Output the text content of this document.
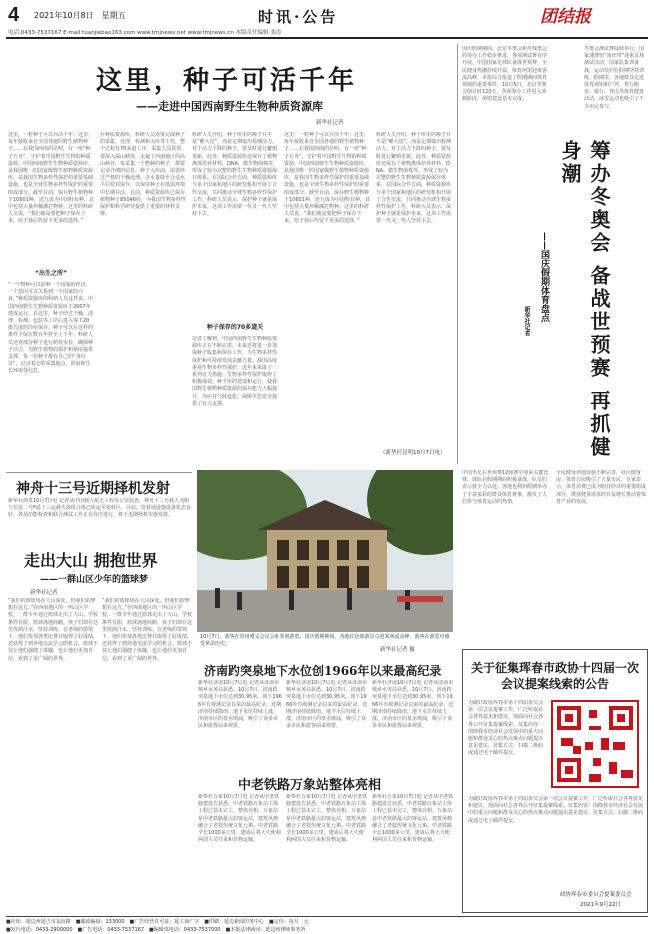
4 2021年10月8日　星期五	时讯·公告	团结报
电话:0433-7537167 E-mail:tuanjiebao163.com www.tmjnews.net www.tmjnews.cn 本版责任编辑 张涛
这里，种子可活千年
——走进中国西南野生生物种质资源库
新华社记者
这里，一粒种子可以存活千年；这里，每年接收来自全国各地的野生植物种子……在我国西南的昆明，有一座“种子方舟”，守护着中国野生生物的种质资源。中国西南野生生物种质资源库，是我国唯一的国家级野生植物种质资源库，是我国生物多样性保护的重要基础设施，也是全球生物多样性保护的重要组成部分。截至目前，保存野生植物种子10601种，近九成为中国特有种，其中包括大量珍稀濒危物种。这里的科研人员说，“我们就是要把种子保存下来，给子孙后代留下更多的选择。”
“出生之所”
“一个物种可以影响一个国家的经济，一个基因可以关系到一个国家的兴衰。”种质资源库的科研人员这样说。中国西南野生生物种质资源库于2007年建成运行，在这里，种子经过干燥、清理、检测、包装等工序后进入零下20摄氏度的冷库保存。种子可以在这样的条件下保存数百年甚至上千年。科研人员还对部分种子进行萌发实验，确保种子活力，为野生植物的保护和利用提供支撑。每一份种子都有自己的“身份证”，记录着它的采集地点、时间和生长环境等信息。
在种质资源库，科研人员需要完成种子的采集、处理、检测和入库等工作，整个过程有70多道工序。采集人员常常要深入深山峡谷，走遍了西南地区的高山峡谷，每采集一个物种的种子，都要记录详细的信息。种子入库前，需要经过严格的干燥处理，含水量降至合适水平后密封保存，以保证种子在低温环境中长期存活。目前，种质资源库已保存植物种子85046份，为我国生物多样性保护和科学研究提供了重要的材料支撑。
科研人员介绍，种子库里的种子并不是“睡大觉”，而是定期取出检测活力。对于活力下降的种子，要及时进行繁殖更新。此外，种质资源库还保存了植物离体培养材料、DNA、微生物菌株等，形成了较为完整的野生生物种质资源保存体系。在国际合作方面，种质资源库与多个国家和地区的研究机构开展了合作交流，共同推动全球生物多样性保护工作。科研人员表示，保护种子就是保护未来，这项工作需要一代又一代人坚持下去。
种子保存的70多道关
记者了解到，中国西南野生生物种质资源库正在不断完善，未来还将进一步加强种子收集和保存工作，为生物多样性保护和可持续发展贡献力量。我国高度重视生物多样性保护，近年来采取了一系列有力措施，生物多样性保护取得了积极成效。种子库的建设和运行，使我国野生植物种质资源的保存能力大幅提升，为应对气候变化、保障生态安全提供了有力支撑。
这里，一粒种子可以存活千年；这里，每年接收来自全国各地的野生植物种子……在我国西南的昆明，有一座“种子方舟”，守护着中国野生生物的种质资源。中国西南野生生物种质资源库，是我国唯一的国家级野生植物种质资源库，是我国生物多样性保护的重要基础设施，也是全球生物多样性保护的重要组成部分。截至目前，保存野生植物种子10601种，近九成为中国特有种，其中包括大量珍稀濒危物种。这里的科研人员说，“我们就是要把种子保存下来，给子孙后代留下更多的选择。”
科研人员介绍，种子库里的种子并不是“睡大觉”，而是定期取出检测活力。对于活力下降的种子，要及时进行繁殖更新。此外，种质资源库还保存了植物离体培养材料、DNA、微生物菌株等，形成了较为完整的野生生物种质资源保存体系。在国际合作方面，种质资源库与多个国家和地区的研究机构开展了合作交流，共同推动全球生物多样性保护工作。科研人员表示，保护种子就是保护未来，这项工作需要一代又一代人坚持下去。
（新华社昆明10月7日电）
国庆假期期间，北京冬奥会和冬残奥会的筹办工作稳步推进，各项测试赛有序开展。中国国家足球队备战世预赛，全民健身热潮持续升温，体育场馆迎来客流高峰。本报综合报道了假期期间体育领域的重要事件。10月5日，北京冬奥会倒计时120天，各项筹办工作进入冲刺阶段，场馆建设基本完成。
筹办冬奥会 备战世预赛 再抓健身潮
——国庆假期体育盘点
新华社记者
冬奥会测试赛陆续举行，国家速滑馆“冰丝带”迎来首场测试活动。国家队集训备战，运动员们在假期坚持训练。假期里，各地群众走进体育场馆和户外，参与跑步、骑行、登山等体育健身活动，冰雪运动也吸引了不少市民参与。
中国男足在世预赛12强赛中迎来关键比赛，球队在假期期间积极备战，队员们表示将全力以赴。各地也利用假期举办了丰富多彩的群众体育赛事，激发了人们参与体育运动的热情。
全民健身场地设施不断完善，社区健身房、体育公园吸引了大量市民。专家表示，体育消费已成为假日经济的重要组成部分，群众健身需求的日益增长推动着体育产业的发展。
神舟十三号近期择机发射
新华社酒泉10月7日电 记者从中国载人航天工程办公室获悉，神舟十三号载人飞船与长征二号F遥十三运载火箭组合体已转运至发射区。目前，发射场设施设备状态良好，各项功能检查和联合测试工作正在有序进行，将于近期择机实施发射。
走出大山 拥抱世界
——一群山区少年的篮球梦
新华社记者
“我们的篮球场在大山深处，但我们的梦想在远方。”在西南地区的一所山区学校，一群少年通过篮球走出了大山。学校条件有限，篮球场地简陋，孩子们却在这里挥洒汗水，坚持训练。在老师的带领下，他们参加各类比赛并取得了好成绩，还获得了到外地交流学习的机会。篮球不仅让他们强健了体魄，也让他们更加自信，看到了更广阔的世界。
“我们的篮球场在大山深处，但我们的梦想在远方。”在西南地区的一所山区学校，一群少年通过篮球走出了大山。学校条件有限，篮球场地简陋，孩子们却在这里挥洒汗水，坚持训练。在老师的带领下，他们参加各类比赛并取得了好成绩，还获得了到外地交流学习的机会。篮球不仅让他们强健了体魄，也让他们更加自信，看到了更广阔的世界。
10月7日，游客在贵州遵义会议会址参观游览。国庆假期期间，各地红色旅游景点迎来客流高峰，游客在游览中感受革命历史。
新华社记者 摄
济南趵突泉地下水位创1966年以来最高纪录
新华社济南10月7日电 记者从济南市城乡水务局获悉，10月7日，济南趵突泉地下水位达到30.95米，创下1966年有观测记录以来的最高纪录。近期济南持续降雨，地下水位持续上涨，济南市区的泉水喷涌，吸引了众多市民和游客前来观赏。
新华社济南10月7日电 记者从济南市城乡水务局获悉，10月7日，济南趵突泉地下水位达到30.95米，创下1966年有观测记录以来的最高纪录。近期济南持续降雨，地下水位持续上涨，济南市区的泉水喷涌，吸引了众多市民和游客前来观赏。
新华社济南10月7日电 记者从济南市城乡水务局获悉，10月7日，济南趵突泉地下水位达到30.95米，创下1966年有观测记录以来的最高纪录。近期济南持续降雨，地下水位持续上涨，济南市区的泉水喷涌，吸引了众多市民和游客前来观赏。
中老铁路万象站整体亮相
新华社万象10月7日电 记者从中老铁路建设方获悉，中老铁路万象站主体工程已基本完工，整体亮相。万象站是中老铁路最大的客运站，建筑风格融合了老挝传统文化元素。中老铁路全长1000多公里，建成后将大大便利两国人员往来和货物运输。
新华社万象10月7日电 记者从中老铁路建设方获悉，中老铁路万象站主体工程已基本完工，整体亮相。万象站是中老铁路最大的客运站，建筑风格融合了老挝传统文化元素。中老铁路全长1000多公里，建成后将大大便利两国人员往来和货物运输。
新华社万象10月7日电 记者从中老铁路建设方获悉，中老铁路万象站主体工程已基本完工，整体亮相。万象站是中老铁路最大的客运站，建筑风格融合了老挝传统文化元素。中老铁路全长1000多公里，建成后将大大便利两国人员往来和货物运输。
关于征集珲春市政协十四届一次会议提案线索的公告
为做好政协珲春市第十四届委员会第一次会议提案工作，广泛听取社会各界意见和建议，现面向社会各界公开征集提案线索。征集内容：围绕我市经济社会发展中的重大问题和群众关心的热点难点问题提出意见建议。征集方式：扫描二维码或通过电子邮件提交。
为做好政协珲春市第十四届委员会第一次会议提案工作，广泛听取社会各界意见和建议，现面向社会各界公开征集提案线索。征集内容：围绕我市经济社会发展中的重大问题和群众关心的热点难点问题提出意见建议。征集方式：扫描二维码或通过电子邮件提交。
政协珲春市委员会提案委员会
2021年9月22日
■社址：延边州延吉市友谊路　■邮政编码：133000　■广告经营许可证：延工商广字　■印刷：延边新闻印务中心　■定价：每月　元
■发行电话：0433-2900000　■广告电话：0433-7537167　■编辑部电话：0433-7537000　■本报法律顾问：延边州律师事务所
